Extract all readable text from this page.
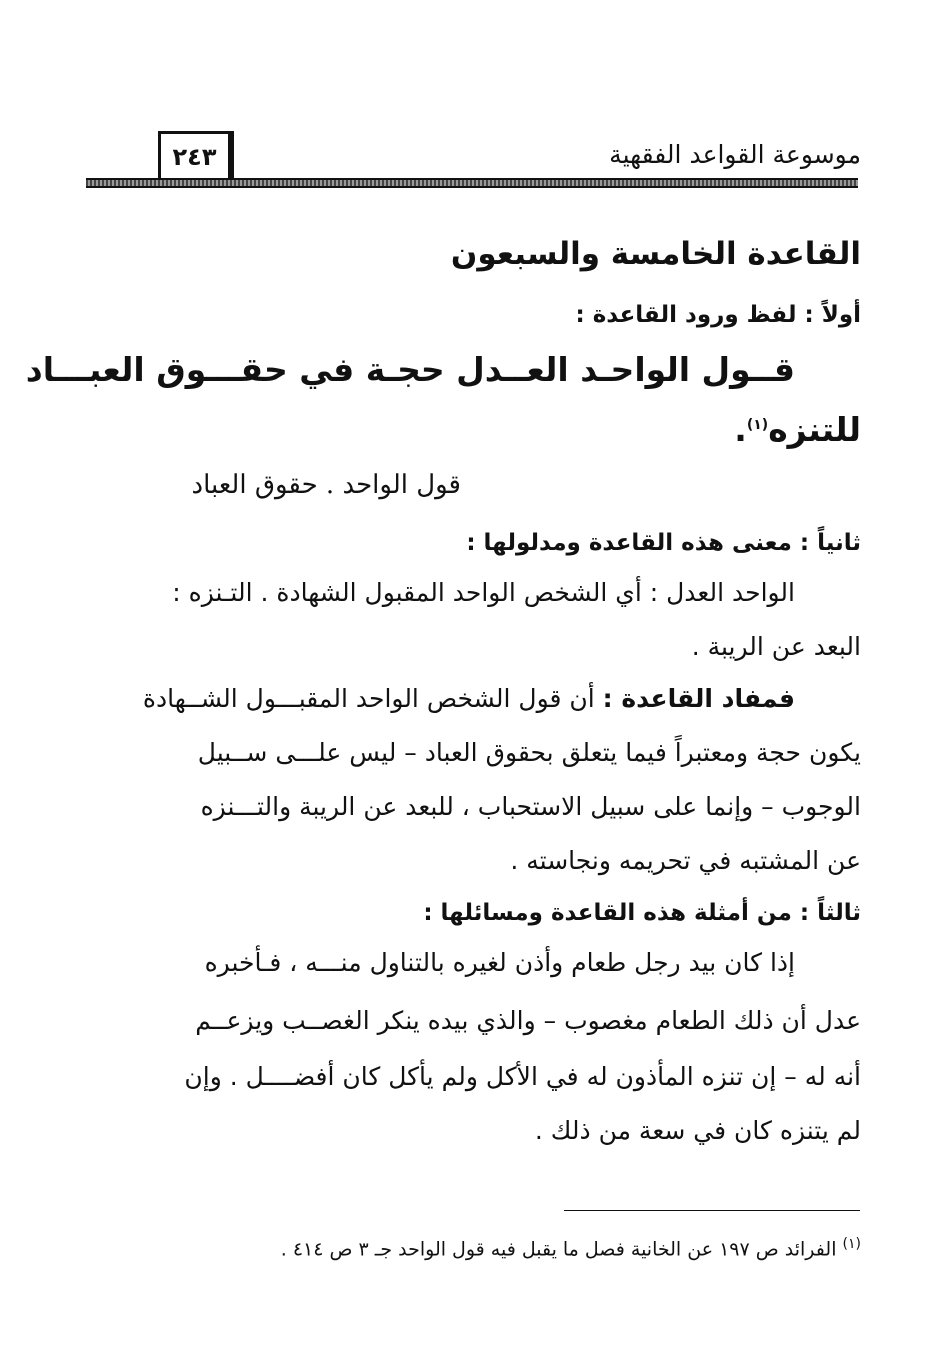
موسوعة القواعد الفقهية
٢٤٣
القاعدة الخامسة والسبعون
أولاً : لفظ ورود القاعدة :
قــول الواحـد العــدل حجـة في حقـــوق العبـــاد
للتنزه$^{(١)}$.
قول الواحد . حقوق العباد
ثانياً : معنى هذه القاعدة ومدلولها :
الواحد العدل : أي الشخص الواحد المقبول الشهادة . التـنزه :
البعد عن الريبة .
فمفاد القاعدة : أن قول الشخص الواحد المقبـــول الشــهادة
يكون حجة ومعتبراً فيما يتعلق بحقوق العباد – ليس علـــى ســبيل
الوجوب – وإنما على سبيل الاستحباب ، للبعد عن الريبة والتـــنزه
عن المشتبه في تحريمه ونجاسته .
ثالثاً : من أمثلة هذه القاعدة ومسائلها :
إذا كان بيد رجل طعام وأذن لغيره بالتناول منـــه ، فـأخبره
عدل أن ذلك الطعام مغصوب – والذي بيده ينكر الغصــب ويزعــم
أنه له – إن تنزه المأذون له في الأكل ولم يأكل كان أفضــــل . وإن
لم يتنزه كان في سعة من ذلك .
$^{(١)}$ الفرائد ص ١٩٧ عن الخانية فصل ما يقبل فيه قول الواحد جـ ٣ ص ٤١٤ .
